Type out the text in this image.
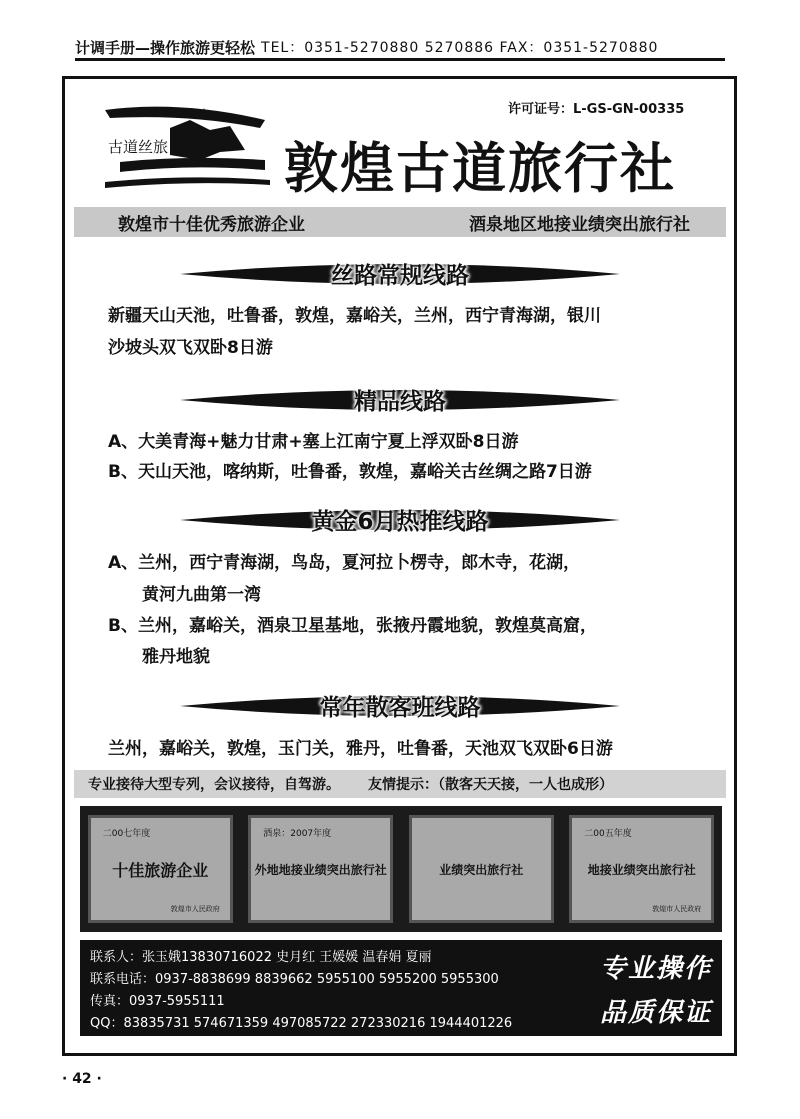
计调手册—操作旅游更轻松 TEL：0351-5270880 5270886 FAX：0351-5270880
许可证号：L-GS-GN-00335
古道丝旅 敦煌古道旅行社
敦煌市十佳优秀旅游企业	酒泉地区地接业绩突出旅行社
丝路常规线路
新疆天山天池，吐鲁番，敦煌，嘉峪关，兰州，西宁青海湖，银川
沙坡头双飞双卧8日游
精品线路
A、大美青海+魅力甘肃+塞上江南宁夏上浮双卧8日游
B、天山天池，喀纳斯，吐鲁番，敦煌，嘉峪关古丝绸之路7日游
黄金6月热推线路
A、兰州，西宁青海湖，鸟岛，夏河拉卜楞寺，郎木寺，花湖，
黄河九曲第一湾
B、兰州，嘉峪关，酒泉卫星基地，张掖丹霞地貌，敦煌莫高窟，
雅丹地貌
常年散客班线路
兰州，嘉峪关，敦煌，玉门关，雅丹，吐鲁番，天池双飞双卧6日游
专业接待大型专列，会议接待，自驾游。 友情提示：（散客天天接，一人也成形）
二00七年度
十佳旅游企业
敦煌市人民政府
酒泉：2007年度
外地地接业绩突出旅行社	业绩突出旅行社
二00五年度
地接业绩突出旅行社
敦煌市人民政府
联系人：张玉娥13830716022 史月红 王媛媛 温春娟 夏丽
联系电话：0937-8838699 8839662 5955100 5955200 5955300
传真：0937-5955111
QQ：83835731 574671359 497085722 272330216 1944401226
专业操作
品质保证
· 42 ·
